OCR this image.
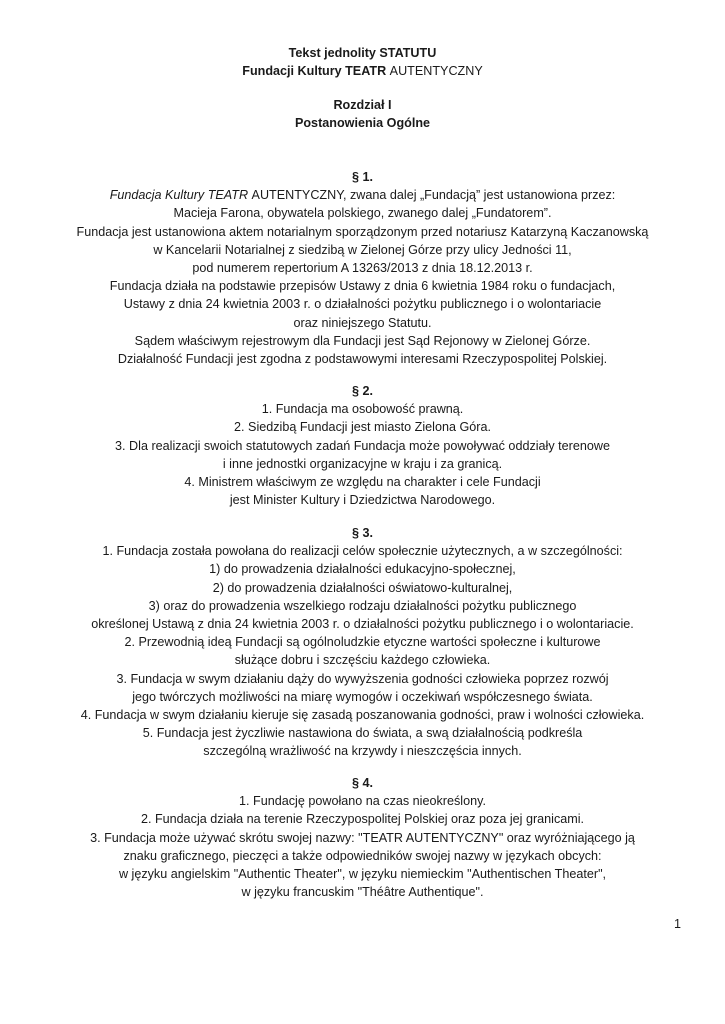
Tekst jednolity STATUTU
Fundacji Kultury TEATR AUTENTYCZNY
Rozdział I
Postanowienia Ogólne
§ 1.
Fundacja Kultury TEATR AUTENTYCZNY, zwana dalej „Fundacją” jest ustanowiona przez:
Macieja Farona, obywatela polskiego, zwanego dalej „Fundatorem”.
Fundacja jest ustanowiona aktem notarialnym sporządzonym przed notariusz Katarzyną Kaczanowską
w Kancelarii Notarialnej z siedzibą w Zielonej Górze przy ulicy Jedności 11,
pod numerem repertorium A 13263/2013 z dnia 18.12.2013 r.
Fundacja działa na podstawie przepisów Ustawy z dnia 6 kwietnia 1984 roku o fundacjach,
Ustawy z dnia 24 kwietnia 2003 r. o działalności pożytku publicznego i o wolontariacie
oraz niniejszego Statutu.
Sądem właściwym rejestrowym dla Fundacji jest Sąd Rejonowy w Zielonej Górze.
Działalność Fundacji jest zgodna z podstawowymi interesami Rzeczypospolitej Polskiej.
§ 2.
1. Fundacja ma osobowość prawną.
2. Siedzibą Fundacji jest miasto Zielona Góra.
3. Dla realizacji swoich statutowych zadań Fundacja może powoływać oddziały terenowe
i inne jednostki organizacyjne w kraju i za granicą.
4. Ministrem właściwym ze względu na charakter i cele Fundacji
jest Minister Kultury i Dziedzictwa Narodowego.
§ 3.
1. Fundacja została powołana do realizacji celów społecznie użytecznych, a w szczególności:
1) do prowadzenia działalności edukacyjno-społecznej,
2) do prowadzenia działalności oświatowo-kulturalnej,
3) oraz do prowadzenia wszelkiego rodzaju działalności pożytku publicznego
określonej Ustawą z dnia 24 kwietnia 2003 r. o działalności pożytku publicznego i o wolontariacie.
2. Przewodnią ideą Fundacji są ogólnoludzkie etyczne wartości społeczne i kulturowe
służące dobru i szczęściu każdego człowieka.
3. Fundacja w swym działaniu dąży do wywyższenia godności człowieka poprzez rozwój
jego twórczych możliwości na miarę wymogów i oczekiwań współczesnego świata.
4. Fundacja w swym działaniu kieruje się zasadą poszanowania godności, praw i wolności człowieka.
5. Fundacja jest życzliwie nastawiona do świata, a swą działalnością podkreśla
szczególną wrażliwość na krzywdy i nieszczęścia innych.
§ 4.
1. Fundację powołano na czas nieokreślony.
2. Fundacja działa na terenie Rzeczypospolitej Polskiej oraz poza jej granicami.
3. Fundacja może używać skrótu swojej nazwy: "TEATR AUTENTYCZNY" oraz wyróżniającego ją
znaku graficznego, pieczęci a także odpowiedników swojej nazwy w językach obcych:
w języku angielskim "Authentic Theater", w języku niemieckim "Authentischen Theater",
w języku francuskim "Théâtre Authentique".
1
